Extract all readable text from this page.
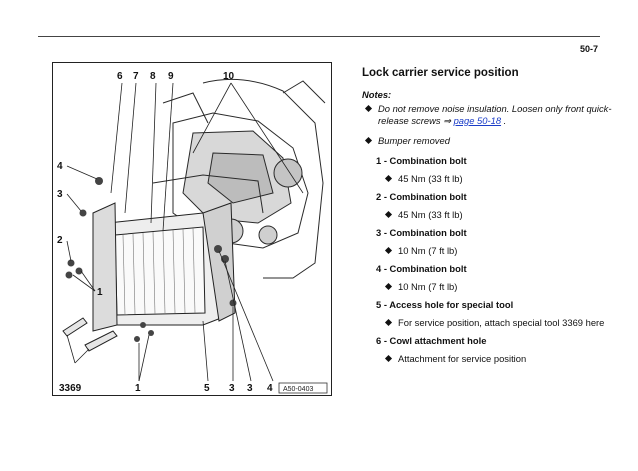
50-7
6 7 8 9	10
4
3
2
1
3369	1	5 3 3 4 A50-0403
Lock carrier service position
Notes:
Do not remove noise insulation. Loosen only front quick-release screws ⇒ page 50-18 .
Bumper removed
1 - Combination bolt
45 Nm (33 ft lb)
2 - Combination bolt
45 Nm (33 ft lb)
3 - Combination bolt
10 Nm (7 ft lb)
4 - Combination bolt
10 Nm (7 ft lb)
5 - Access hole for special tool
For service position, attach special tool 3369 here
6 - Cowl attachment hole
Attachment for service position
